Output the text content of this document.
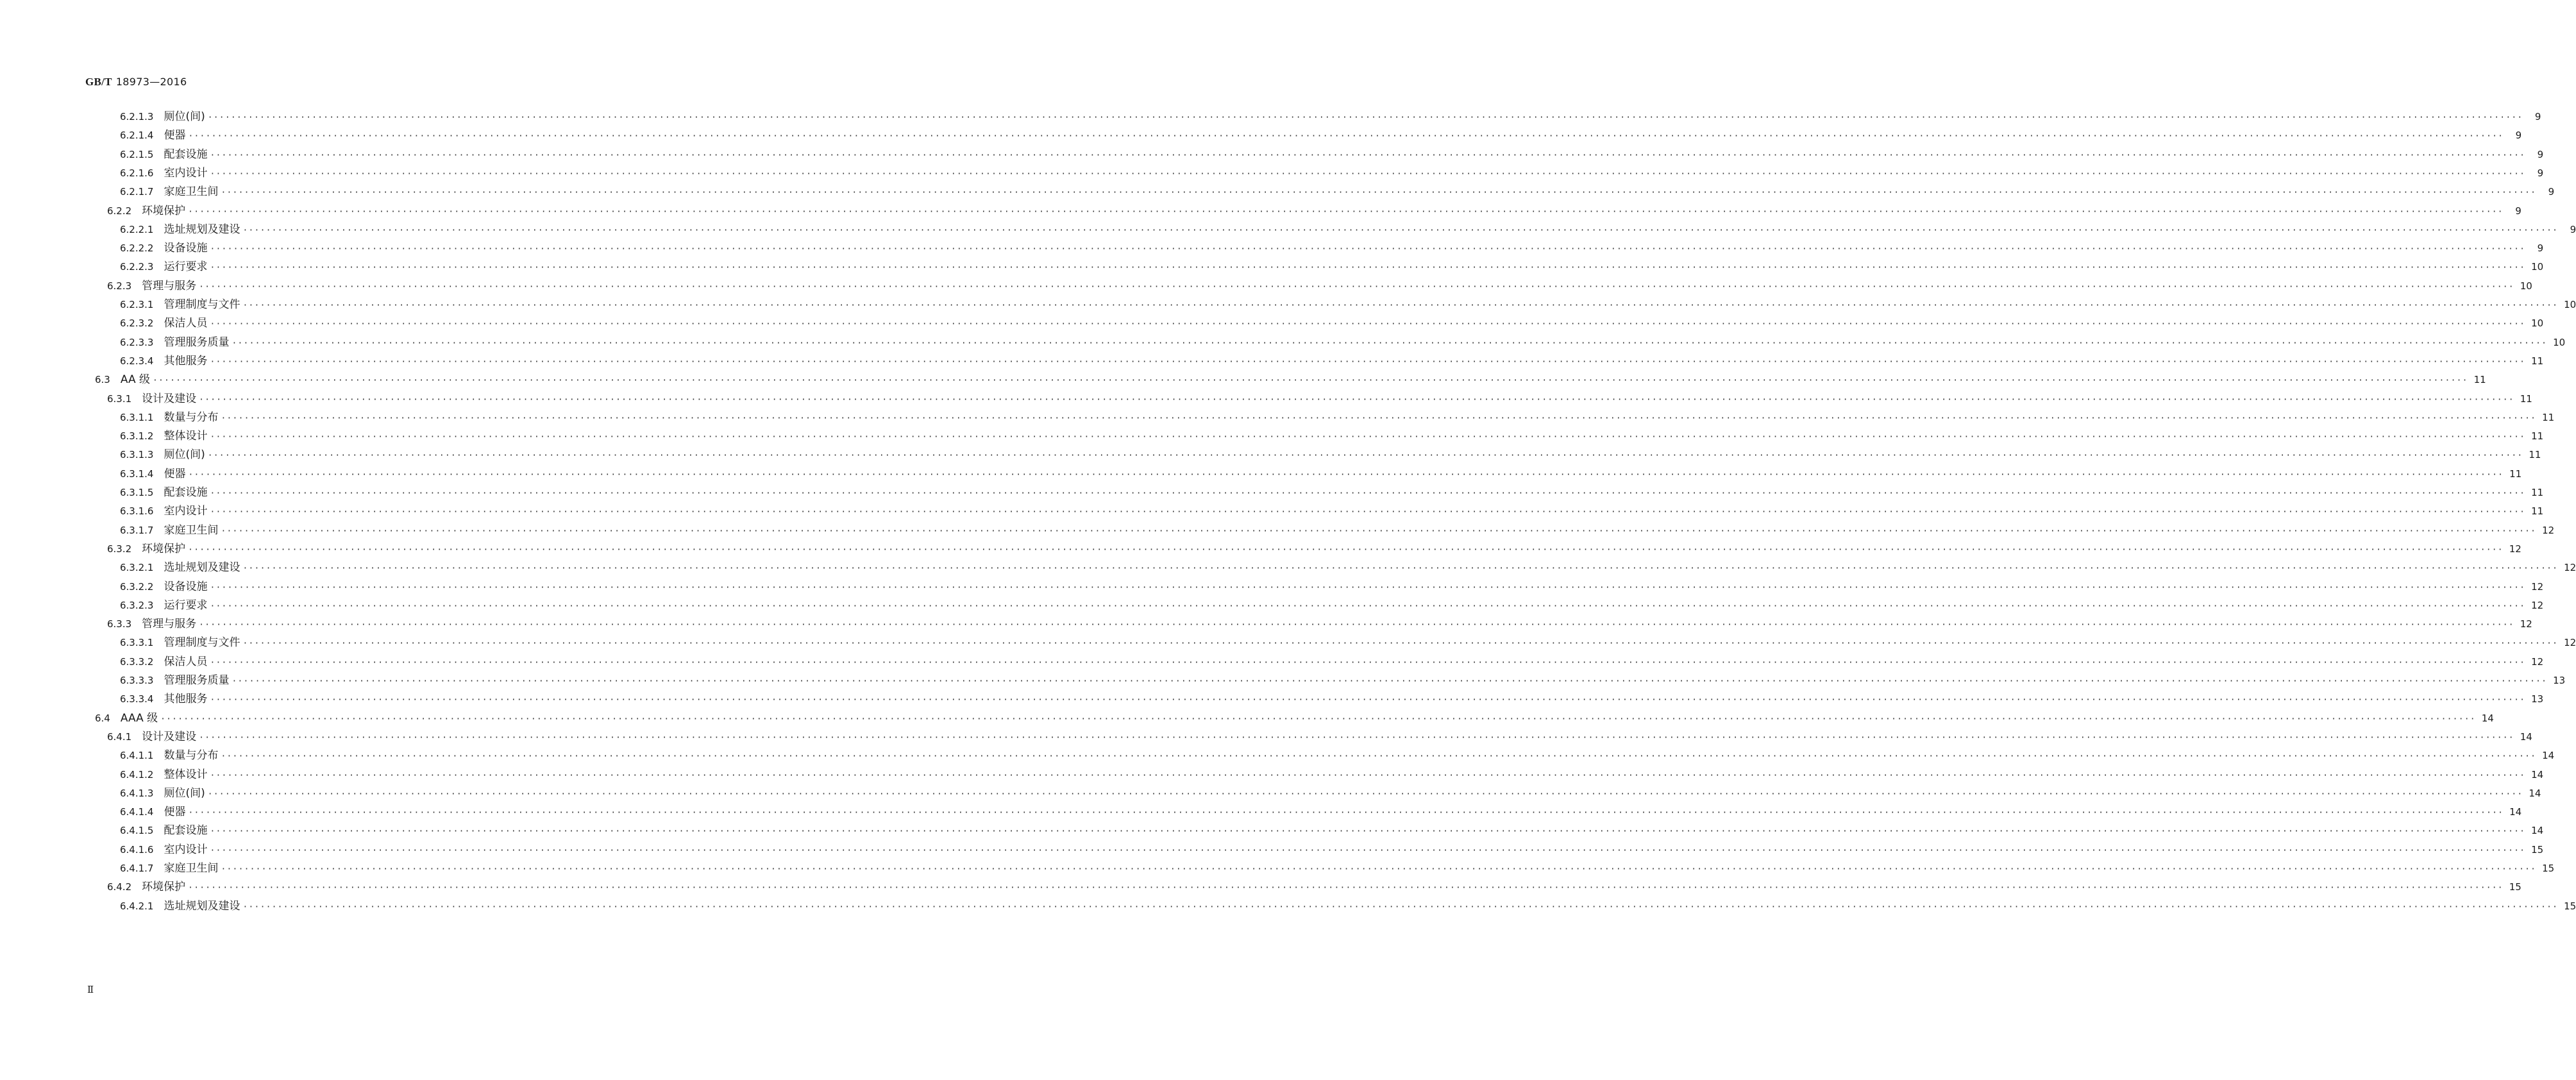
GB/T 18973—2016
6.2.1.3 厕位(间) ················································································································································································································································································································································································································	9
6.2.1.4 便器 ················································································································································································································································································································································································································	9
6.2.1.5 配套设施 ················································································································································································································································································································································································································	9
6.2.1.6 室内设计 ················································································································································································································································································································································································································	9
6.2.1.7 家庭卫生间 ················································································································································································································································································································································································································	9
6.2.2 环境保护 ················································································································································································································································································································································································································	9
6.2.2.1 选址规划及建设 ················································································································································································································································································································································································································	9
6.2.2.2 设备设施 ················································································································································································································································································································································································································	9
6.2.2.3 运行要求 ················································································································································································································································································································································································································ 10
6.2.3 管理与服务 ················································································································································································································································································································································································································ 10
6.2.3.1 管理制度与文件 ················································································································································································································································································································································································································ 10
6.2.3.2 保洁人员 ················································································································································································································································································································································································································ 10
6.2.3.3 管理服务质量 ················································································································································································································································································································································································································ 10
6.2.3.4 其他服务 ················································································································································································································································································································································································································ 11
6.3 AA 级 ················································································································································································································································································································································································································ 11
6.3.1 设计及建设 ················································································································································································································································································································································································································ 11
6.3.1.1 数量与分布 ················································································································································································································································································································································································································ 11
6.3.1.2 整体设计 ················································································································································································································································································································································································································ 11
6.3.1.3 厕位(间) ················································································································································································································································································································································································································ 11
6.3.1.4 便器 ················································································································································································································································································································································································································ 11
6.3.1.5 配套设施 ················································································································································································································································································································································································································ 11
6.3.1.6 室内设计 ················································································································································································································································································································································································································ 11
6.3.1.7 家庭卫生间 ················································································································································································································································································································································································································ 12
6.3.2 环境保护 ················································································································································································································································································································································································································ 12
6.3.2.1 选址规划及建设 ················································································································································································································································································································································································································ 12
6.3.2.2 设备设施 ················································································································································································································································································································································································································ 12
6.3.2.3 运行要求 ················································································································································································································································································································································································································ 12
6.3.3 管理与服务 ················································································································································································································································································································································································································ 12
6.3.3.1 管理制度与文件 ················································································································································································································································································································································································································ 12
6.3.3.2 保洁人员 ················································································································································································································································································································································································································ 12
6.3.3.3 管理服务质量 ················································································································································································································································································································································································································ 13
6.3.3.4 其他服务 ················································································································································································································································································································································································································ 13
6.4 AAA 级 ················································································································································································································································································································································································································ 14
6.4.1 设计及建设 ················································································································································································································································································································································································································ 14
6.4.1.1 数量与分布 ················································································································································································································································································································································································································ 14
6.4.1.2 整体设计 ················································································································································································································································································································································································································ 14
6.4.1.3 厕位(间) ················································································································································································································································································································································································································ 14
6.4.1.4 便器 ················································································································································································································································································································································································································ 14
6.4.1.5 配套设施 ················································································································································································································································································································································································································ 14
6.4.1.6 室内设计 ················································································································································································································································································································································································································ 15
6.4.1.7 家庭卫生间 ················································································································································································································································································································································································································ 15
6.4.2 环境保护 ················································································································································································································································································································································································································ 15
6.4.2.1 选址规划及建设 ················································································································································································································································································································································································································ 15
Ⅱ
